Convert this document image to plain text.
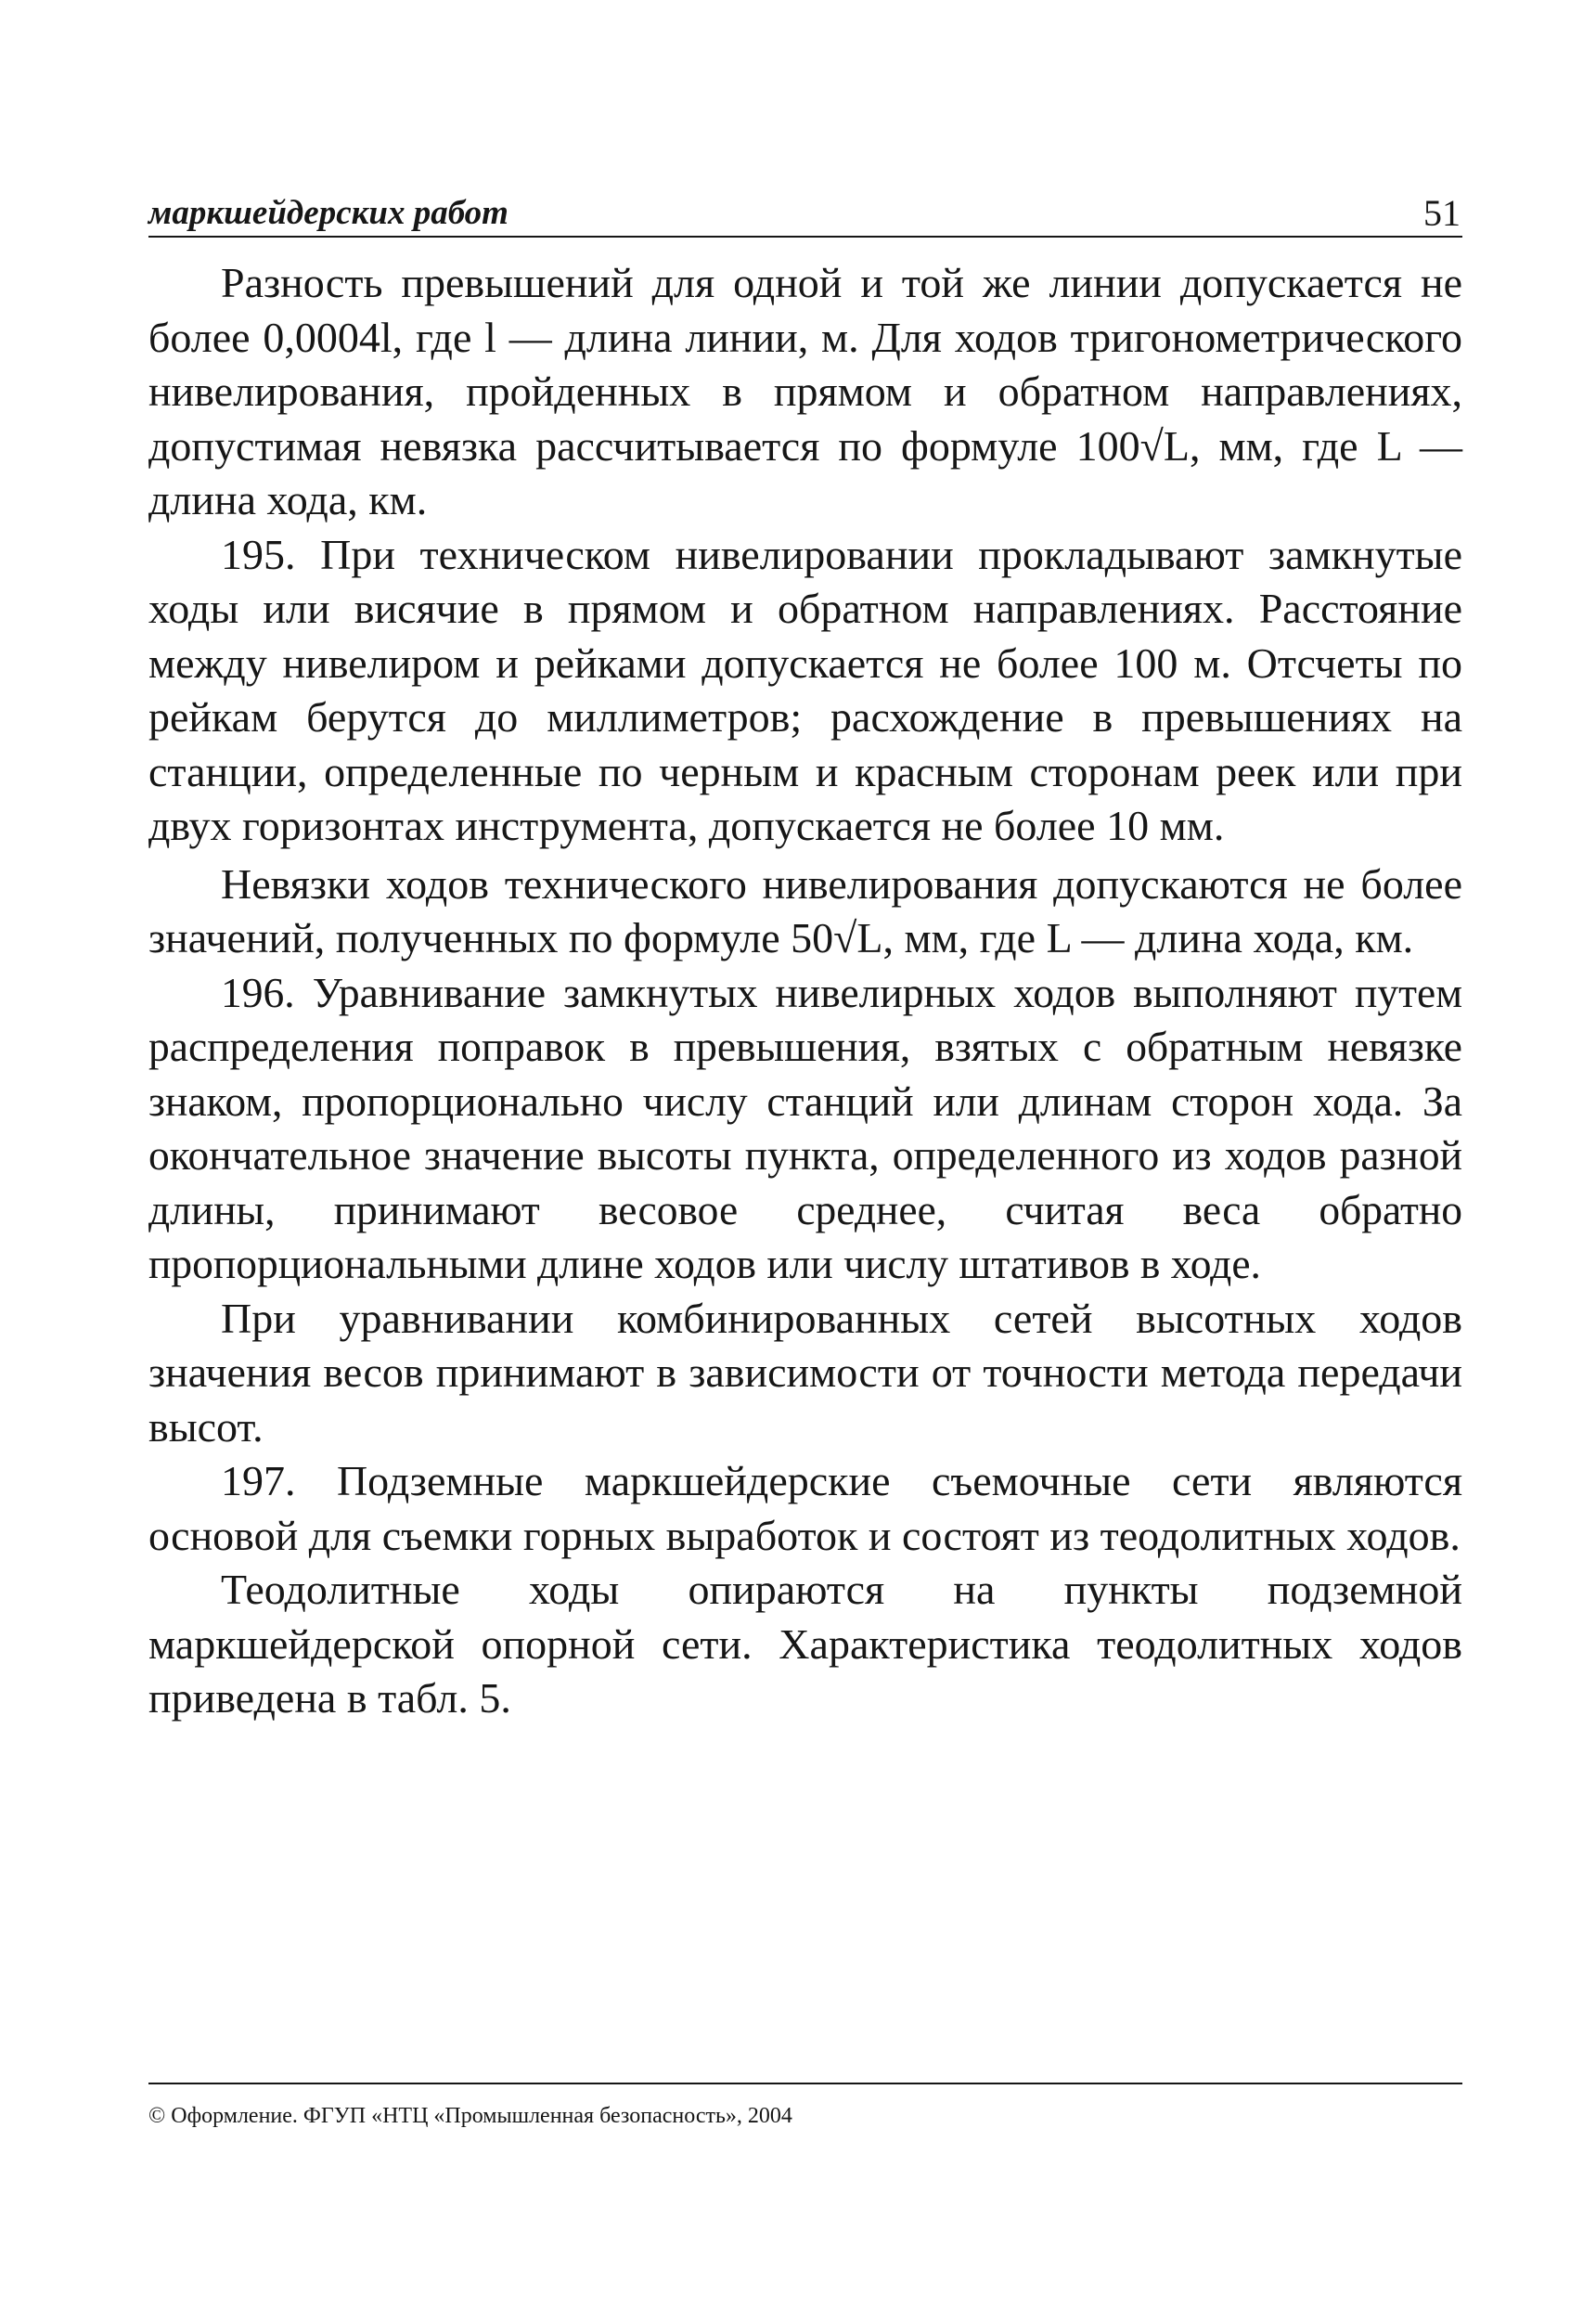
маркшейдерских работ	51

Разность превышений для одной и той же линии допускается не более 0,0004l, где l — длина линии, м. Для ходов тригонометрического нивелирования, пройденных в прямом и обратном направлениях, допустимая невязка рассчитывается по формуле 100√L, мм, где L — длина хода, км.

195. При техническом нивелировании прокладывают замкнутые ходы или висячие в прямом и обратном направлениях. Расстояние между нивелиром и рейками допускается не более 100 м. Отсчеты по рейкам берутся до миллиметров; расхождение в превышениях на станции, определенные по черным и красным сторонам реек или при двух горизонтах инструмента, допускается не более 10 мм.

Невязки ходов технического нивелирования допускаются не более значений, полученных по формуле 50√L, мм, где L — длина хода, км.

196. Уравнивание замкнутых нивелирных ходов выполняют путем распределения поправок в превышения, взятых с обратным невязке знаком, пропорционально числу станций или длинам сторон хода. За окончательное значение высоты пункта, определенного из ходов разной длины, принимают весовое среднее, считая веса обратно пропорциональными длине ходов или числу штативов в ходе.

При уравнивании комбинированных сетей высотных ходов значения весов принимают в зависимости от точности метода передачи высот.

197. Подземные маркшейдерские съемочные сети являются основой для съемки горных выработок и состоят из теодолитных ходов.

Теодолитные ходы опираются на пункты подземной маркшейдерской опорной сети. Характеристика теодолитных ходов приведена в табл. 5.

© Оформление. ФГУП «НТЦ «Промышленная безопасность», 2004
